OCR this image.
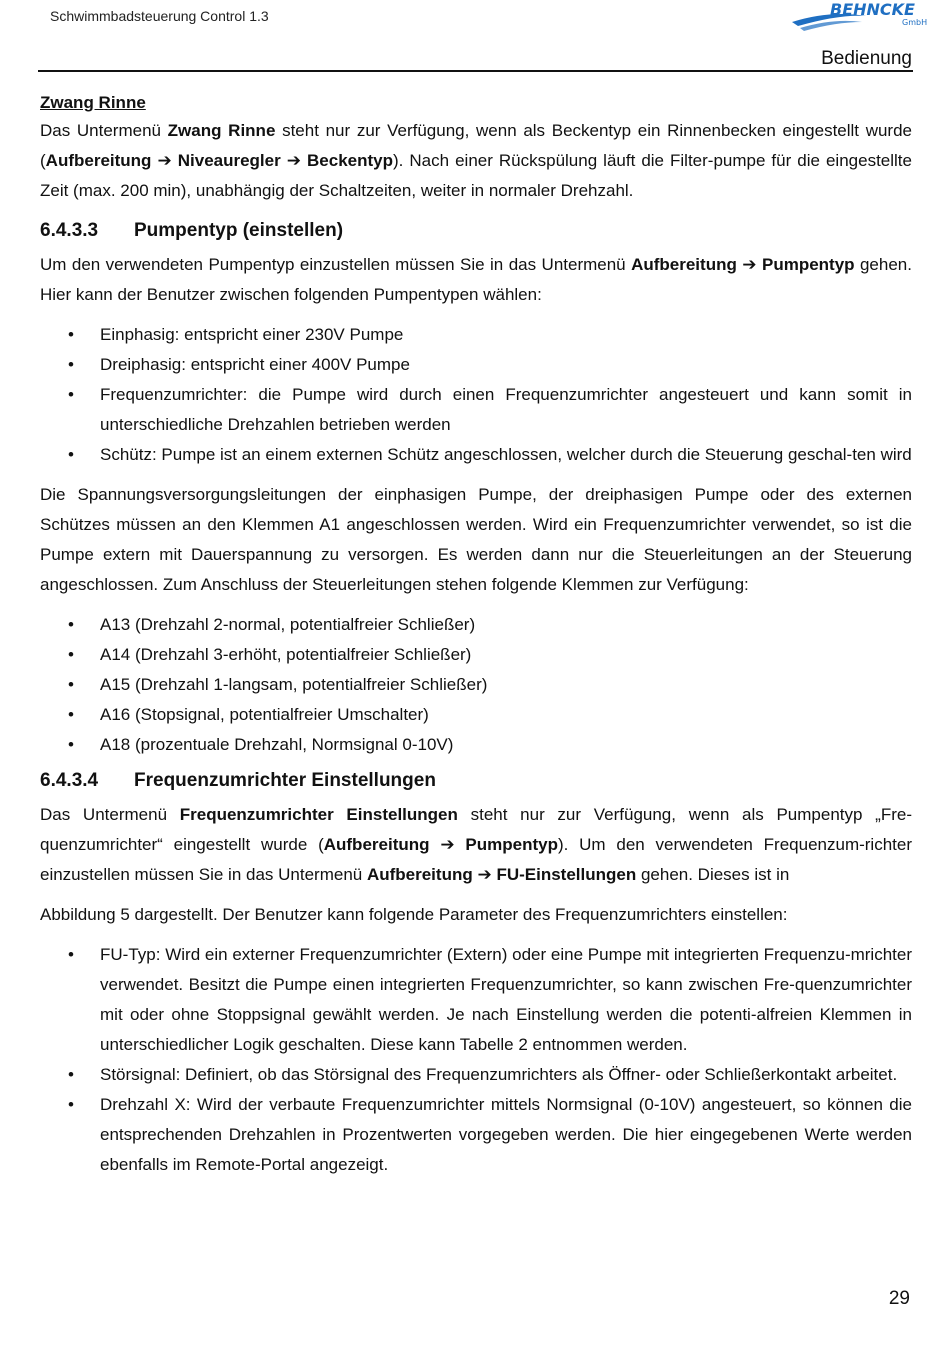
Schwimmbadsteuerung Control 1.3	BEHNCKE
GmbH
Bedienung
Zwang Rinne

Das Untermenü Zwang Rinne steht nur zur Verfügung, wenn als Beckentyp ein Rinnenbecken eingestellt wurde (Aufbereitung ➔ Niveauregler ➔ Beckentyp). Nach einer Rückspülung läuft die Filter-pumpe für die eingestellte Zeit (max. 200 min), unabhängig der Schaltzeiten, weiter in normaler Drehzahl.

6.4.3.3	Pumpentyp (einstellen)

Um den verwendeten Pumpentyp einzustellen müssen Sie in das Untermenü Aufbereitung ➔ Pumpentyp gehen. Hier kann der Benutzer zwischen folgenden Pumpentypen wählen:

• Einphasig: entspricht einer 230V Pumpe
• Dreiphasig: entspricht einer 400V Pumpe
• Frequenzumrichter: die Pumpe wird durch einen Frequenzumrichter angesteuert und kann somit in unterschiedliche Drehzahlen betrieben werden
• Schütz: Pumpe ist an einem externen Schütz angeschlossen, welcher durch die Steuerung geschal-ten wird

Die Spannungsversorgungsleitungen der einphasigen Pumpe, der dreiphasigen Pumpe oder des externen Schützes müssen an den Klemmen A1 angeschlossen werden. Wird ein Frequenzumrichter verwendet, so ist die Pumpe extern mit Dauerspannung zu versorgen. Es werden dann nur die Steuerleitungen an der Steuerung angeschlossen. Zum Anschluss der Steuerleitungen stehen folgende Klemmen zur Verfügung:

• A13 (Drehzahl 2-normal, potentialfreier Schließer)
• A14 (Drehzahl 3-erhöht, potentialfreier Schließer)
• A15 (Drehzahl 1-langsam, potentialfreier Schließer)
• A16 (Stopsignal, potentialfreier Umschalter)
• A18 (prozentuale Drehzahl, Normsignal 0-10V)
6.4.3.4	Frequenzumrichter Einstellungen

Das Untermenü Frequenzumrichter Einstellungen steht nur zur Verfügung, wenn als Pumpentyp „Fre-quenzumrichter“ eingestellt wurde (Aufbereitung ➔ Pumpentyp). Um den verwendeten Frequenzum-richter einzustellen müssen Sie in das Untermenü Aufbereitung ➔ FU-Einstellungen gehen. Dieses ist in

Abbildung 5 dargestellt. Der Benutzer kann folgende Parameter des Frequenzumrichters einstellen:

• FU-Typ: Wird ein externer Frequenzumrichter (Extern) oder eine Pumpe mit integrierten Frequenzu-mrichter verwendet. Besitzt die Pumpe einen integrierten Frequenzumrichter, so kann zwischen Fre-quenzumrichter mit oder ohne Stoppsignal gewählt werden. Je nach Einstellung werden die potenti-alfreien Klemmen in unterschiedlicher Logik geschalten. Diese kann Tabelle 2 entnommen werden.
• Störsignal: Definiert, ob das Störsignal des Frequenzumrichters als Öffner- oder Schließerkontakt arbeitet.
• Drehzahl X: Wird der verbaute Frequenzumrichter mittels Normsignal (0-10V) angesteuert, so können die entsprechenden Drehzahlen in Prozentwerten vorgegeben werden. Die hier eingegebenen Werte werden ebenfalls im Remote-Portal angezeigt.
29
